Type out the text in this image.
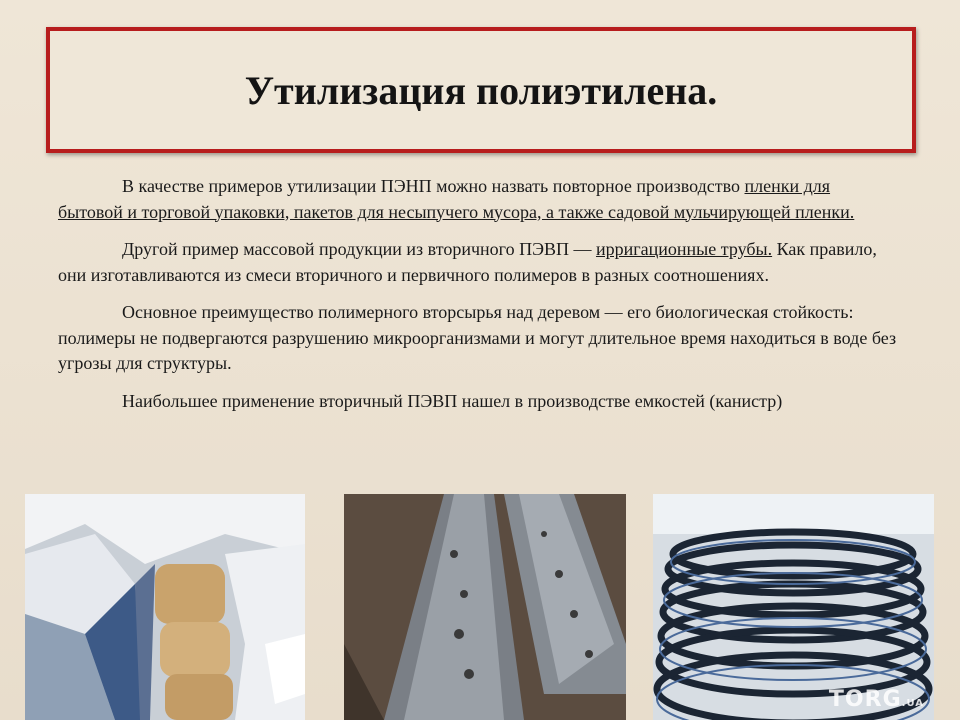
Утилизация полиэтилена.

В качестве примеров утилизации ПЭНП можно назвать повторное производство пленки для бытовой и торговой упаковки, пакетов для несыпучего мусора, а также садовой мульчирующей пленки.

Другой пример массовой продукции из вторичного ПЭВП — ирригационные трубы. Как правило, они изготавливаются из смеси вторичного и первичного полимеров в разных соотношениях.

Основное преимущество полимерного вторсырья над деревом — его биологическая стойкость: полимеры не подвергаются разрушению микроорганизмами и могут длительное время находиться в воде без угрозы для структуры.

Наибольшее применение вторичный ПЭВП нашел в производстве емкостей (канистр)

TORG.UA
